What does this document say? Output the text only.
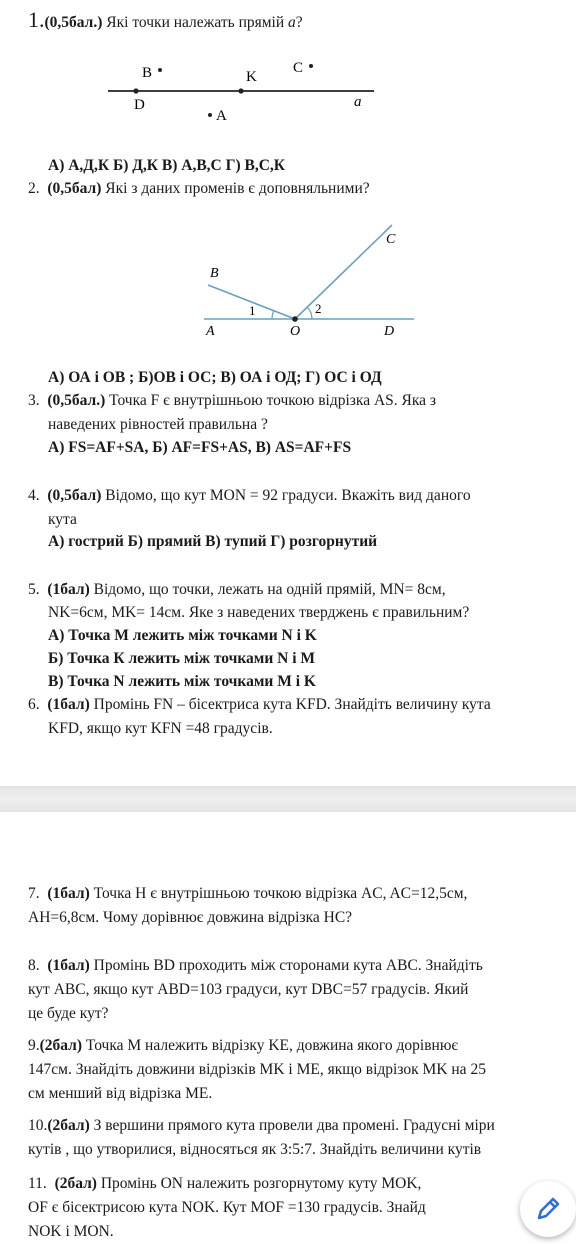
1.(0,5бал.) Які точки належать прямій a?
B	K
C
D
A
a
А) А,Д,К Б) Д,К В) А,В,С Г) В,С,К
2. (0,5бал) Які з даних променів є доповняльними?
C
B
1	2
A	O	D
А) ОА і ОВ ; Б)ОВ і ОС; В) ОА і ОД; Г) ОС і ОД
3. (0,5бал.) Точка F є внутрішньою точкою відрізка AS. Яка з
наведених рівностей правильна ?
А) FS=AF+SA, Б) AF=FS+AS, В) AS=AF+FS
4. (0,5бал) Відомо, що кут MON = 92 градуси. Вкажіть вид даного
кута
А) гострий Б) прямий В) тупий Г) розгорнутий
5. (1бал) Відомо, що точки, лежать на одній прямій, MN= 8см,
NK=6см, MK= 14см. Яке з наведених тверджень є правильним?
А) Точка М лежить між точками N і K
Б) Точка К лежить між точками N і M
В) Точка N лежить між точками M і K
6. (1бал) Промінь FN – бісектриса кута KFD. Знайдіть величину кута
KFD, якщо кут KFN =48 градусів.
7. (1бал) Точка H є внутрішньою точкою відрізка AC, AC=12,5см,
AH=6,8см. Чому дорівнює довжина відрізка HC?
8. (1бал) Промінь BD проходить між сторонами кута ABC. Знайдіть
кут ABC, якщо кут ABD=103 градуси, кут DBC=57 градусів. Який
це буде кут?
9.(2бал) Точка M належить відрізку KE, довжина якого дорівнює
147см. Знайдіть довжини відрізків MK і ME, якщо відрізок MK на 25
см менший від відрізка ME.
10.(2бал) З вершини прямого кута провели два промені. Градусні міри
кутів , що утворилися, відносяться як 3:5:7. Знайдіть величини кутів
11. (2бал) Промінь ON належить розгорнутому куту MOK,
OF є бісектрисою кута NOK. Кут MOF =130 градусів. Знайд
NOK і MON.
